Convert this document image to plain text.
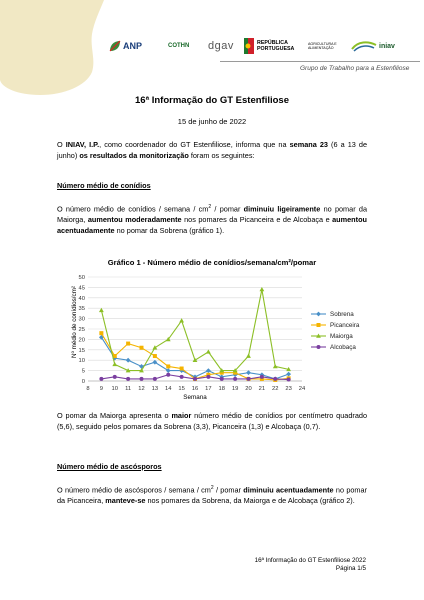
ANP	COTHN dgav	REPÚBLICA PORTUGUESA
AGRICULTURA E ALIMENTAÇÃO	iniav
Grupo de Trabalho para a Estenfiliose
16ª Informação do GT Estenfiliose
15 de junho de 2022
O INIAV, I.P., como coordenador do GT Estenfiliose, informa que na semana 23 (6 a 13 de junho) os resultados da monitorização foram os seguintes:
Número médio de conídios
O número médio de conídios / semana / $cm^2$ / pomar diminuiu ligeiramente no pomar da Maiorga, aumentou moderadamente nos pomares da Picanceira e de Alcobaça e aumentou acentuadamente no pomar da Sobrena (gráfico 1).
Gráfico 1 - Número médio de conídios/semana/cm²/pomar
0
5
10
15
20
25
30
35
40
45
50
8 9 10 11 12 13 14 15 16 17 18 19 20 21 22 23 24
Sobrena
Picanceira
Maiorga
Alcobaça
Nº médio de conídios/cm²
Semana
O pomar da Maiorga apresenta o maior número médio de conídios por centímetro quadrado (5,6), seguido pelos pomares da Sobrena (3,3), Picanceira (1,3) e Alcobaça (0,7).
Número médio de ascósporos
O número médio de ascósporos / semana / $cm^2$ / pomar diminuiu acentuadamente no pomar da Picanceira, manteve-se nos pomares da Sobrena, da Maiorga e de Alcobaça (gráfico 2).
16ª Informação do GT Estenfiliose 2022
Página 1/5
